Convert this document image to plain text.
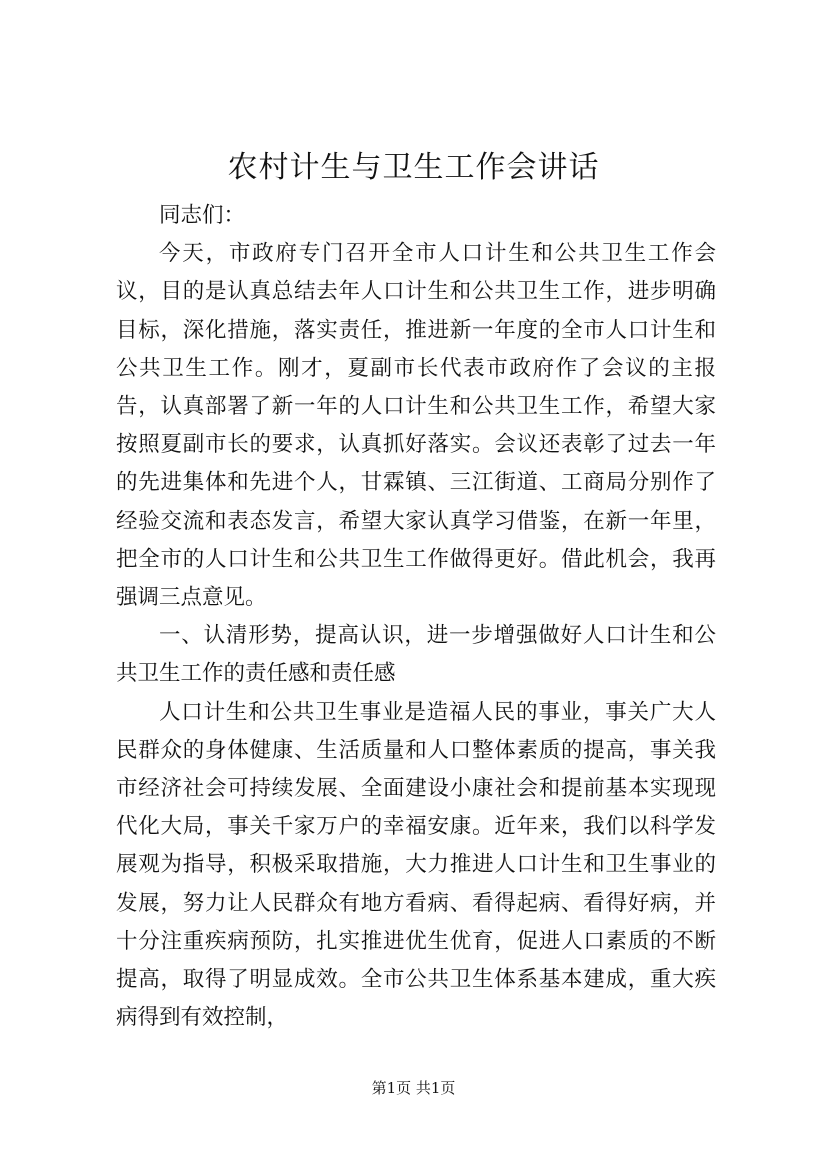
农村计生与卫生工作会讲话

同志们：

今天，市政府专门召开全市人口计生和公共卫生工作会议，目的是认真总结去年人口计生和公共卫生工作，进步明确目标，深化措施，落实责任，推进新一年度的全市人口计生和公共卫生工作。刚才，夏副市长代表市政府作了会议的主报告，认真部署了新一年的人口计生和公共卫生工作，希望大家按照夏副市长的要求，认真抓好落实。会议还表彰了过去一年的先进集体和先进个人，甘霖镇、三江街道、工商局分别作了经验交流和表态发言，希望大家认真学习借鉴，在新一年里，把全市的人口计生和公共卫生工作做得更好。借此机会，我再强调三点意见。

一、认清形势，提高认识，进一步增强做好人口计生和公共卫生工作的责任感和责任感

人口计生和公共卫生事业是造福人民的事业，事关广大人民群众的身体健康、生活质量和人口整体素质的提高，事关我市经济社会可持续发展、全面建设小康社会和提前基本实现现代化大局，事关千家万户的幸福安康。近年来，我们以科学发展观为指导，积极采取措施，大力推进人口计生和卫生事业的发展，努力让人民群众有地方看病、看得起病、看得好病，并十分注重疾病预防，扎实推进优生优育，促进人口素质的不断提高，取得了明显成效。全市公共卫生体系基本建成，重大疾病得到有效控制，

第1页 共1页
